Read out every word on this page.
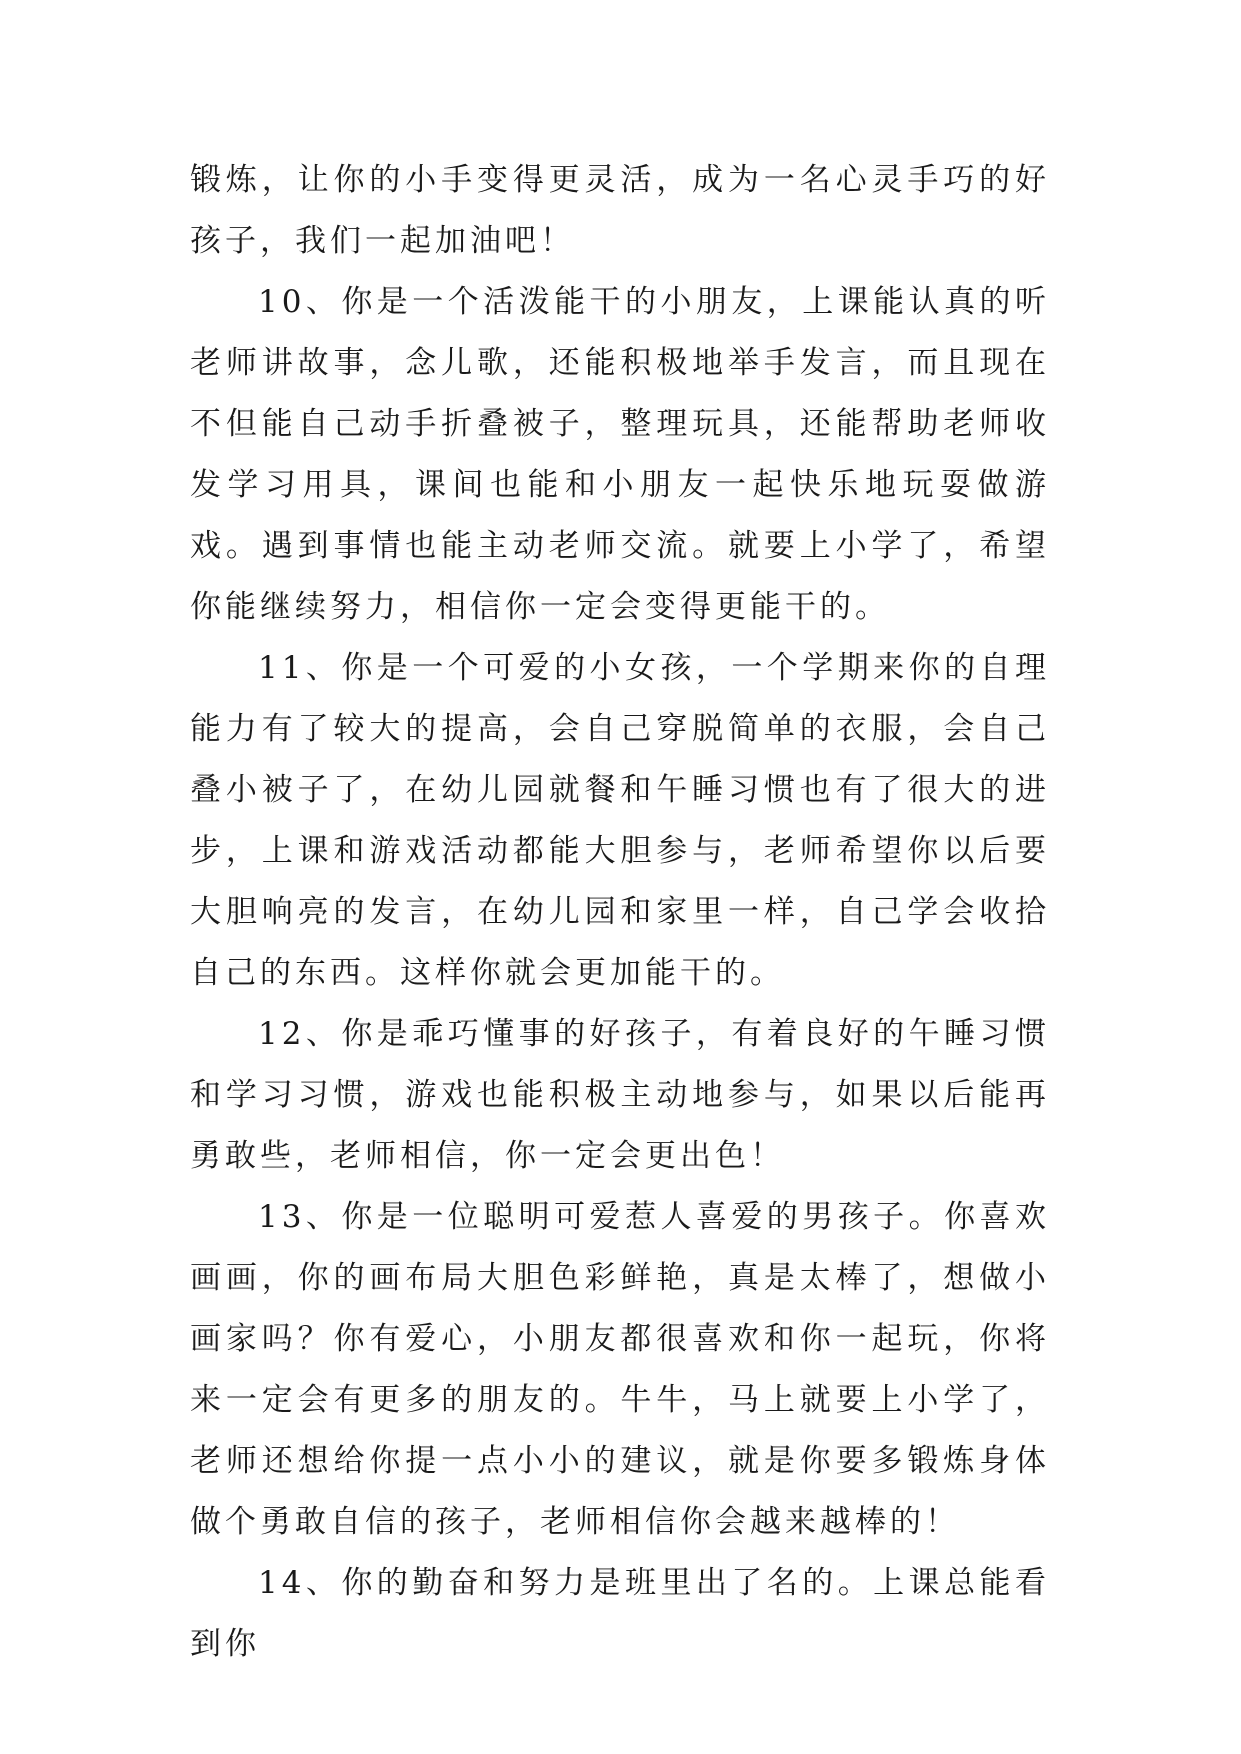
锻炼，让你的小手变得更灵活，成为一名心灵手巧的好孩子，我们一起加油吧！

10、你是一个活泼能干的小朋友，上课能认真的听老师讲故事，念儿歌，还能积极地举手发言，而且现在不但能自己动手折叠被子，整理玩具，还能帮助老师收发学习用具，课间也能和小朋友一起快乐地玩耍做游戏。遇到事情也能主动老师交流。就要上小学了，希望你能继续努力，相信你一定会变得更能干的。

11、你是一个可爱的小女孩，一个学期来你的自理能力有了较大的提高，会自己穿脱简单的衣服，会自己叠小被子了，在幼儿园就餐和午睡习惯也有了很大的进步，上课和游戏活动都能大胆参与，老师希望你以后要大胆响亮的发言，在幼儿园和家里一样，自己学会收拾自己的东西。这样你就会更加能干的。

12、你是乖巧懂事的好孩子，有着良好的午睡习惯和学习习惯，游戏也能积极主动地参与，如果以后能再勇敢些，老师相信，你一定会更出色！

13、你是一位聪明可爱惹人喜爱的男孩子。你喜欢画画，你的画布局大胆色彩鲜艳，真是太棒了，想做小画家吗？你有爱心，小朋友都很喜欢和你一起玩，你将来一定会有更多的朋友的。牛牛，马上就要上小学了，老师还想给你提一点小小的建议，就是你要多锻炼身体做个勇敢自信的孩子，老师相信你会越来越棒的！

14、你的勤奋和努力是班里出了名的。上课总能看到你
